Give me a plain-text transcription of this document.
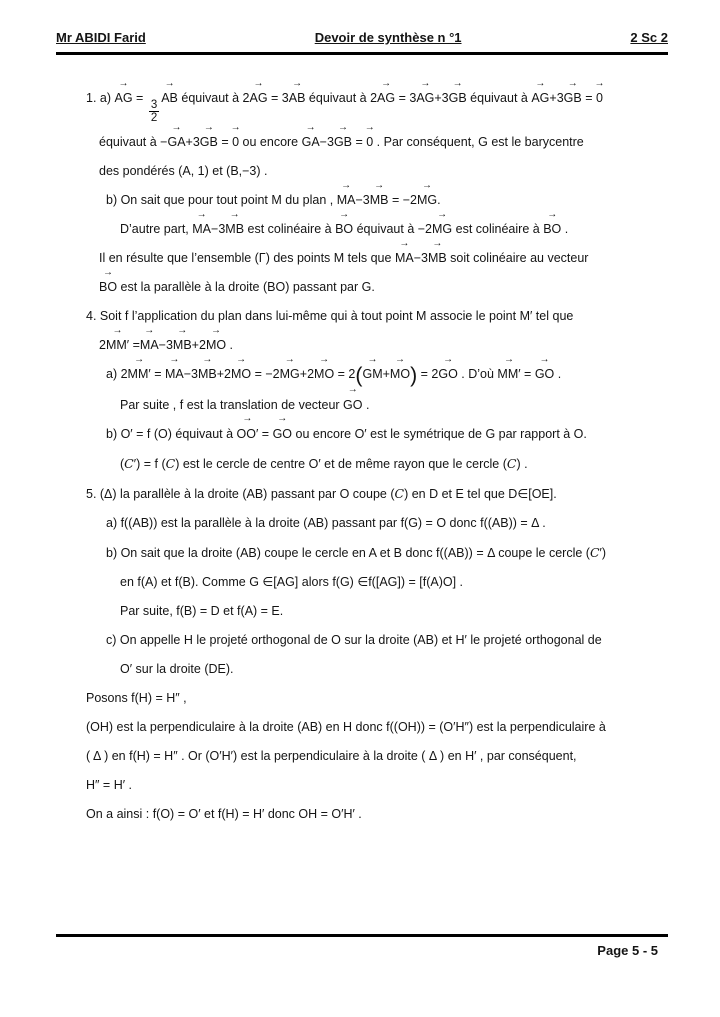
Mr ABIDI Farid	Devoir de synthèse n °1	2 Sc 2
1. a) → AG =
$\frac{3}{2}$
→ AB équivaut à 2→ AG = 3→ AB équivaut à 2→ AG = 3→ AG+3→ GB équivaut à → AG+3→ GB = → 0
équivaut à −→ GA+3→ GB = → 0 ou encore → GA−3→ GB = → 0 . Par conséquent, G est le barycentre
des pondérés (A, 1) et (B,−3) .
b) On sait que pour tout point M du plan , → MA−3→ MB = −2→ MG.
D’autre part, → MA−3→ MB est colinéaire à → BO équivaut à −2→ MG est colinéaire à → BO .
Il en résulte que l’ensemble (Γ) des points M tels que → MA−3→ MB soit colinéaire au vecteur
→ BO est la parallèle à la droite (BO) passant par G.
4. Soit f l’application du plan dans lui-même qui à tout point M associe le point M′ tel que
2→ MM′ =→ MA−3→ MB+2→ MO .
a) 2→ MM′ = → MA−3→ MB+2→ MO = −2→ MG+2→ MO = 2(→ GM+→ MO) = 2→ GO . D’où → MM′ = → GO .
Par suite , f est la translation de vecteur → GO .
b) O′ = f (O) équivaut à → OO′ = → GO ou encore O′ est le symétrique de G par rapport à O.
(C′) = f (C) est le cercle de centre O′ et de même rayon que le cercle (C) .
5. (Δ) la parallèle à la droite (AB) passant par O coupe (C) en D et E tel que D∈[OE].
a) f((AB)) est la parallèle à la droite (AB) passant par f(G) = O donc f((AB)) = Δ .
b) On sait que la droite (AB) coupe le cercle en A et B donc f((AB)) = Δ coupe le cercle (C′)
en f(A) et f(B). Comme G ∈[AG] alors f(G) ∈f([AG]) = [f(A)O] .
Par suite, f(B) = D et f(A) = E.
c) On appelle H le projeté orthogonal de O sur la droite (AB) et H′ le projeté orthogonal de
O′ sur la droite (DE).
Posons f(H) = H″ ,
(OH) est la perpendiculaire à la droite (AB) en H donc f((OH)) = (O′H″) est la perpendiculaire à
( Δ ) en f(H) = H″ . Or (O′H′) est la perpendiculaire à la droite ( Δ ) en H′ , par conséquent,
H″ = H′ .
On a ainsi : f(O) = O′ et f(H) = H′ donc OH = O′H′ .
Page 5 - 5
